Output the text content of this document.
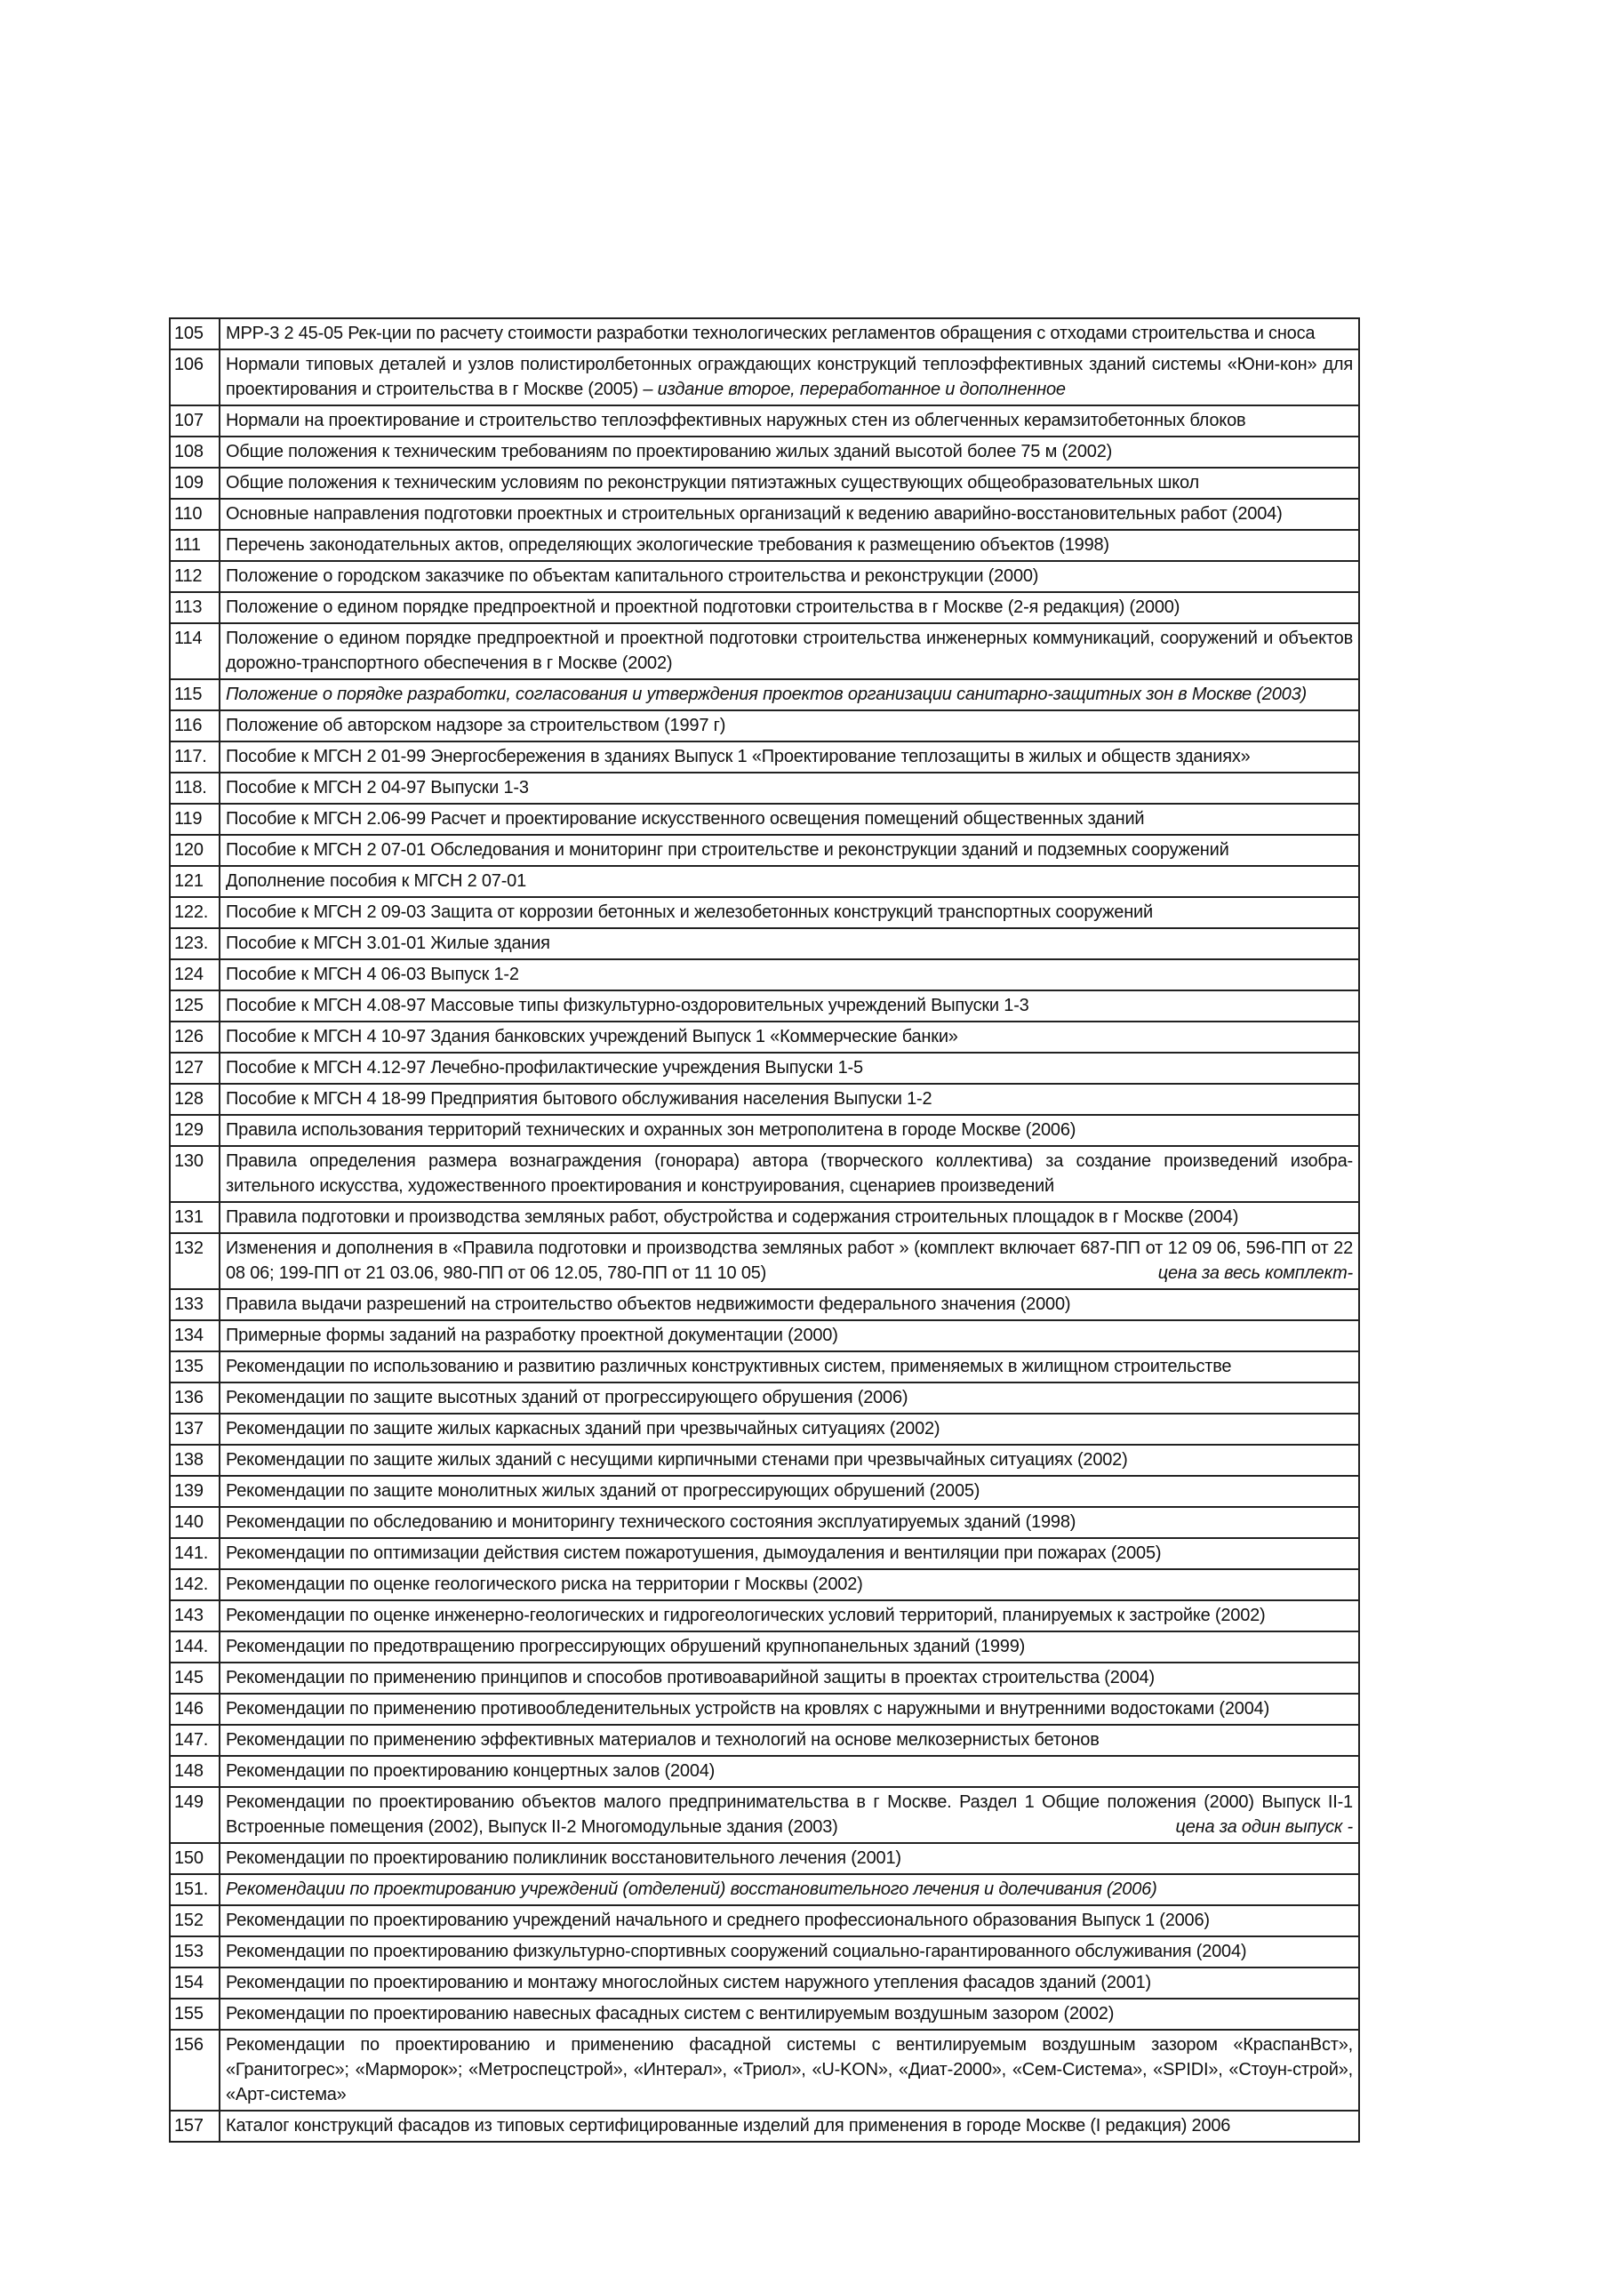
105	МРР-3 2 45-05 Рек-ции по расчету стоимости разработки технологических регламентов обращения с отходами строительства и сноса
106	Нормали типовых деталей и узлов полистиролбетонных ограждающих конструкций теплоэффективных зданий системы «Юни-кон» для проектирования и строительства в г Москве (2005) – издание второе, переработанное и дополненное
107	Нормали на проектирование и строительство теплоэффективных наружных стен из облегченных керамзитобетонных блоков
108	Общие положения к техническим требованиям по проектированию жилых зданий высотой более 75 м (2002)
109	Общие положения к техническим условиям по реконструкции пятиэтажных существующих общеобразовательных школ
110	Основные направления подготовки проектных и строительных организаций к ведению аварийно-восстановительных работ (2004)
111	Перечень законодательных актов, определяющих экологические требования к размещению объектов (1998)
112	Положение о городском заказчике по объектам капитального строительства и реконструкции (2000)
113	Положение о едином порядке предпроектной и проектной подготовки строительства в г Москве (2-я редакция) (2000)
114	Положение о едином порядке предпроектной и проектной подготовки строительства инженерных коммуникаций, сооружений и объектов дорожно-транспортного обеспечения в г Москве (2002)
115	Положение о порядке разработки, согласования и утверждения проектов организации санитарно-защитных зон в Москве (2003)
116	Положение об авторском надзоре за строительством (1997 г)
117.	Пособие к МГСН 2 01-99 Энергосбережения в зданиях Выпуск 1 «Проектирование теплозащиты в жилых и обществ зданиях»
118.	Пособие к МГСН 2 04-97 Выпуски 1-3
119	Пособие к МГСН 2.06-99 Расчет и проектирование искусственного освещения помещений общественных зданий
120	Пособие к МГСН 2 07-01 Обследования и мониторинг при строительстве и реконструкции зданий и подземных сооружений
121	Дополнение пособия к МГСН 2 07-01
122.	Пособие к МГСН 2 09-03 Защита от коррозии бетонных и железобетонных конструкций транспортных сооружений
123.	Пособие к МГСН 3.01-01 Жилые здания
124	Пособие к МГСН 4 06-03 Выпуск 1-2
125	Пособие к МГСН 4.08-97 Массовые типы физкультурно-оздоровительных учреждений Выпуски 1-3
126	Пособие к МГСН 4 10-97 Здания банковских учреждений Выпуск 1 «Коммерческие банки»
127	Пособие к МГСН 4.12-97 Лечебно-профилактические учреждения Выпуски 1-5
128	Пособие к МГСН 4 18-99 Предприятия бытового обслуживания населения Выпуски 1-2
129	Правила использования территорий технических и охранных зон метрополитена в городе Москве (2006)
130	Правила определения размера вознаграждения (гонорара) автора (творческого коллектива) за создание произведений изобра-зительного искусства, художественного проектирования и конструирования, сценариев произведений
131	Правила подготовки и производства земляных работ, обустройства и содержания строительных площадок в г Москве (2004)
132	Изменения и дополнения в «Правила подготовки и производства земляных работ » (комплект включает 687-ПП от 12 09 06, 596-ПП от 22 08 06; 199-ПП от 21 03.06, 980-ПП от 06 12.05, 780-ПП от 11 10 05) цена за весь комплект-

133	Правила выдачи разрешений на строительство объектов недвижимости федерального значения (2000)
134	Примерные формы заданий на разработку проектной документации (2000)
135	Рекомендации по использованию и развитию различных конструктивных систем, применяемых в жилищном строительстве
136	Рекомендации по защите высотных зданий от прогрессирующего обрушения (2006)
137	Рекомендации по защите жилых каркасных зданий при чрезвычайных ситуациях (2002)
138	Рекомендации по защите жилых зданий с несущими кирпичными стенами при чрезвычайных ситуациях (2002)
139	Рекомендации по защите монолитных жилых зданий от прогрессирующих обрушений (2005)
140	Рекомендации по обследованию и мониторингу технического состояния эксплуатируемых зданий (1998)
141.	Рекомендации по оптимизации действия систем пожаротушения, дымоудаления и вентиляции при пожарах (2005)
142.	Рекомендации по оценке геологического риска на территории г Москвы (2002)
143	Рекомендации по оценке инженерно-геологических и гидрогеологических условий территорий, планируемых к застройке (2002)
144.	Рекомендации по предотвращению прогрессирующих обрушений крупнопанельных зданий (1999)
145	Рекомендации по применению принципов и способов противоаварийной защиты в проектах строительства (2004)
146	Рекомендации по применению противообледенительных устройств на кровлях с наружными и внутренними водостоками (2004)
147.	Рекомендации по применению эффективных материалов и технологий на основе мелкозернистых бетонов
148	Рекомендации по проектированию концертных залов (2004)
149	Рекомендации по проектированию объектов малого предпринимательства в г Москве. Раздел 1 Общие положения (2000) Выпуск II-1 Встроенные помещения (2002), Выпуск II-2 Многомодульные здания (2003) цена за один выпуск -

150	Рекомендации по проектированию поликлиник восстановительного лечения (2001)
151.	Рекомендации по проектированию учреждений (отделений) восстановительного лечения и долечивания (2006)
152	Рекомендации по проектированию учреждений начального и среднего профессионального образования Выпуск 1 (2006)
153	Рекомендации по проектированию физкультурно-спортивных сооружений социально-гарантированного обслуживания (2004)
154	Рекомендации по проектированию и монтажу многослойных систем наружного утепления фасадов зданий (2001)
155	Рекомендации по проектированию навесных фасадных систем с вентилируемым воздушным зазором (2002)
156	Рекомендации по проектированию и применению фасадной системы с вентилируемым воздушным зазором «КраспанВст», «Гранитогрес»; «Марморок»; «Метроспецстрой», «Интерал», «Триол», «U-KON», «Диат-2000», «Сем-Система», «SPIDI», «Стоун-строй», «Арт-система»
157	Каталог конструкций фасадов из типовых сертифицированные изделий для применения в городе Москве (I редакция) 2006
